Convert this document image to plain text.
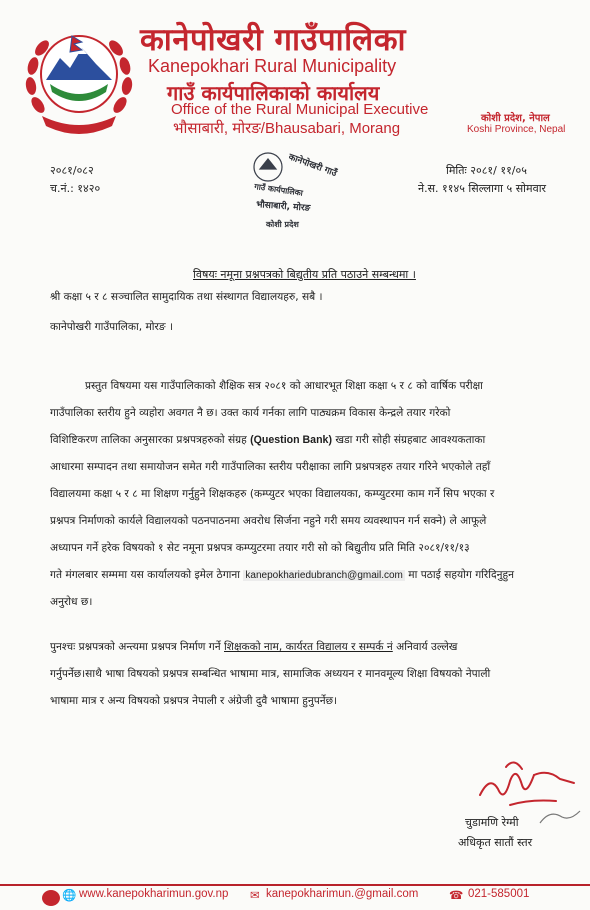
कानेपोखरी गाउँपालिका
Kanepokhari Rural Municipality
गाउँ कार्यपालिकाको कार्यालय
Office of the Rural Municipal Executive
भौसाबारी, मोरङ/Bhausabari, Morang
कोशी प्रदेश, नेपाल
Koshi Province, Nepal
२०८१/०८२
च.नं.: १४२०
मितिः २०८१/ ११/०५
ने.स. ११४५ सिल्लागा ५ सोमवार
कानेपोखरी गाउँ
गाउँ कार्यपालिका
भौसाबारी, मोरङ
कोशी प्रदेश
विषयः नमूना प्रश्नपत्रको बिद्युतीय प्रति पठाउने सम्बन्धमा ।
श्री कक्षा ५ र ८ सञ्चालित सामुदायिक तथा संस्थागत विद्यालयहरु, सबै ।
कानेपोखरी गाउँपालिका, मोरङ ।
प्रस्तुत विषयमा यस गाउँपालिकाको शैक्षिक सत्र २०८१ को आधारभूत शिक्षा कक्षा ५ र ८ को वार्षिक परीक्षा
गाउँपालिका स्तरीय हुने व्यहोरा अवगत नै छ। उक्त कार्य गर्नका लागि पाठ्यक्रम विकास केन्द्रले तयार गरेको
विशिष्टिकरण तालिका अनुसारका प्रश्नपत्रहरुको संग्रह (Question Bank) खडा गरी सोही संग्रहबाट आवश्यकताका
आधारमा सम्पादन तथा समायोजन समेत गरी गाउँपालिका स्तरीय परीक्षाका लागि प्रश्नपत्रहरु तयार गरिने भएकोले तहाँ
विद्यालयमा कक्षा ५ र ८ मा शिक्षण गर्नुहुने शिक्षकहरु (कम्प्युटर भएका विद्यालयका, कम्प्युटरमा काम गर्ने सिप भएका र
प्रश्नपत्र निर्माणको कार्यले विद्यालयको पठनपाठनमा अवरोध सिर्जना नहुने गरी समय व्यवस्थापन गर्न सक्ने) ले आफूले
अध्यापन गर्ने हरेक विषयको १ सेट नमूना प्रश्नपत्र कम्प्युटरमा तयार गरी सो को बिद्युतीय प्रति मिति २०८१/११/१३
गते मंगलबार सम्ममा यस कार्यालयको इमेल ठेगाना kanepokhariedubranch@gmail.com मा पठाई सहयोग गरिदिनुहुन
अनुरोध छ।
पुनश्चः प्रश्नपत्रको अन्त्यमा प्रश्नपत्र निर्माण गर्ने शिक्षकको नाम, कार्यरत विद्यालय र सम्पर्क नं अनिवार्य उल्लेख
गर्नुपर्नेछ।साथै भाषा विषयको प्रश्नपत्र सम्बन्धित भाषामा मात्र, सामाजिक अध्ययन र मानवमूल्य शिक्षा विषयको नेपाली
भाषामा मात्र र अन्य विषयको प्रश्नपत्र नेपाली र अंग्रेजी दुवै भाषामा हुनुपर्नेछ।
चुडामणि रेग्मी
अधिकृत सातौं स्तर
🌐 www.kanepokharimun.gov.np ✉ kanepokharimun.@gmail.com	☎ 021-585001
